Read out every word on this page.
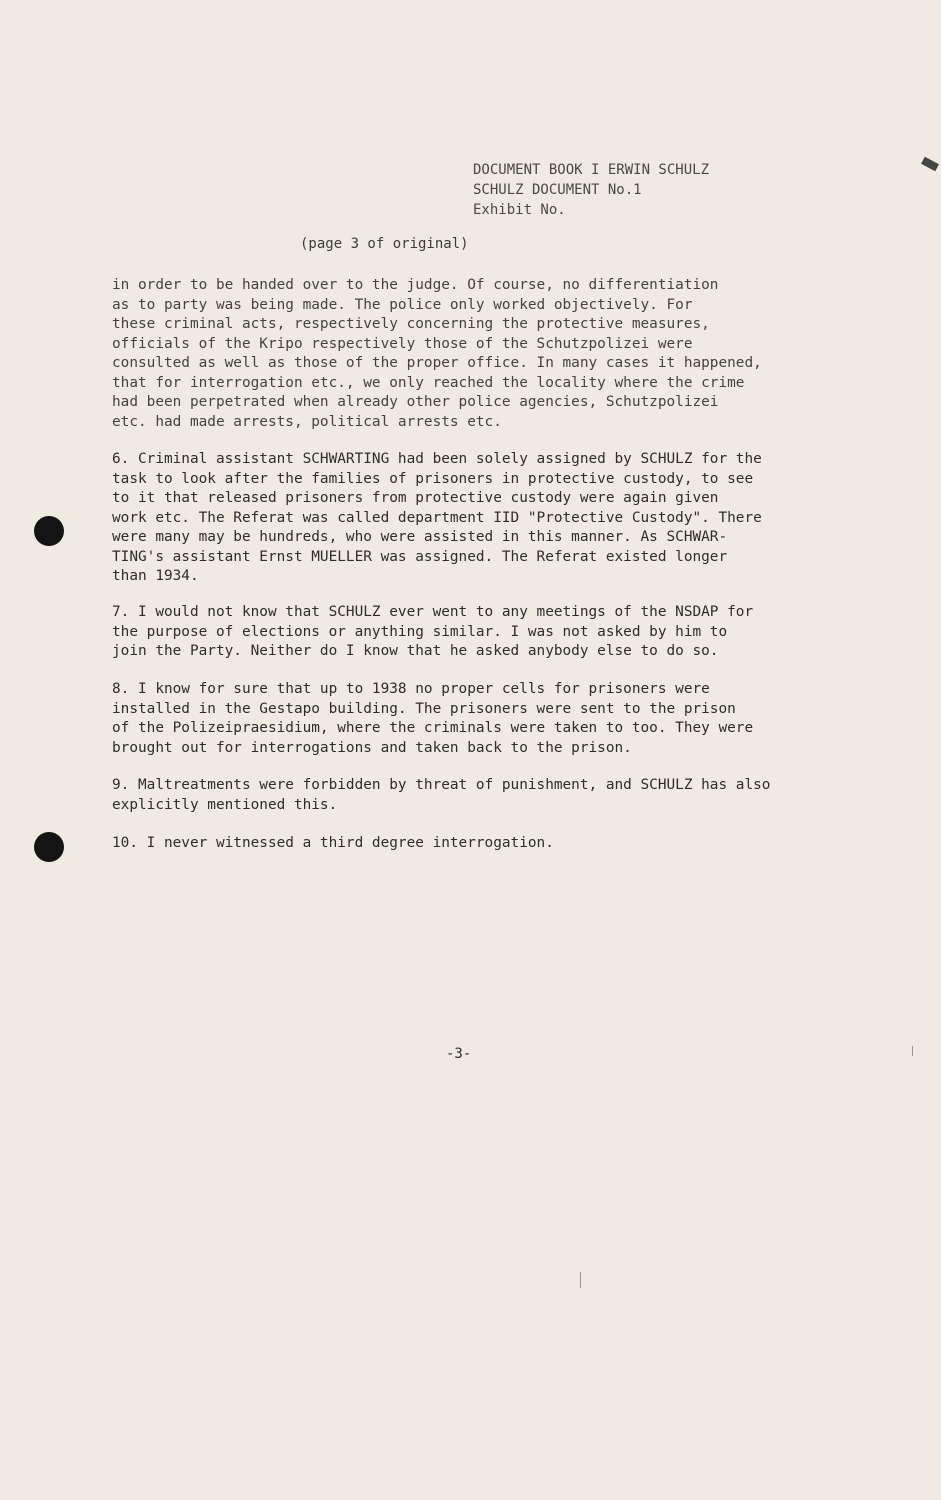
DOCUMENT BOOK I ERWIN SCHULZ
SCHULZ DOCUMENT No.1
Exhibit No.
(page 3 of original)
in order to be handed over to the judge. Of course, no differentiation
as to party was being made. The police only worked objectively. For
these criminal acts, respectively concerning the protective measures,
officials of the Kripo respectively those of the Schutzpolizei were
consulted as well as those of the proper office. In many cases it happened,
that for interrogation etc., we only reached the locality where the crime
had been perpetrated when already other police agencies, Schutzpolizei
etc. had made arrests, political arrests etc.
6. Criminal assistant SCHWARTING had been solely assigned by SCHULZ for the
task to look after the families of prisoners in protective custody, to see
to it that released prisoners from protective custody were again given
work etc. The Referat was called department IID "Protective Custody". There
were many may be hundreds, who were assisted in this manner. As SCHWAR-
TING's assistant Ernst MUELLER was assigned. The Referat existed longer
than 1934.
7. I would not know that SCHULZ ever went to any meetings of the NSDAP for
the purpose of elections or anything similar. I was not asked by him to
join the Party. Neither do I know that he asked anybody else to do so.
8. I know for sure that up to 1938 no proper cells for prisoners were
installed in the Gestapo building. The prisoners were sent to the prison
of the Polizeipraesidium, where the criminals were taken to too. They were
brought out for interrogations and taken back to the prison.
9. Maltreatments were forbidden by threat of punishment, and SCHULZ has also
explicitly mentioned this.
10. I never witnessed a third degree interrogation.
-3-
